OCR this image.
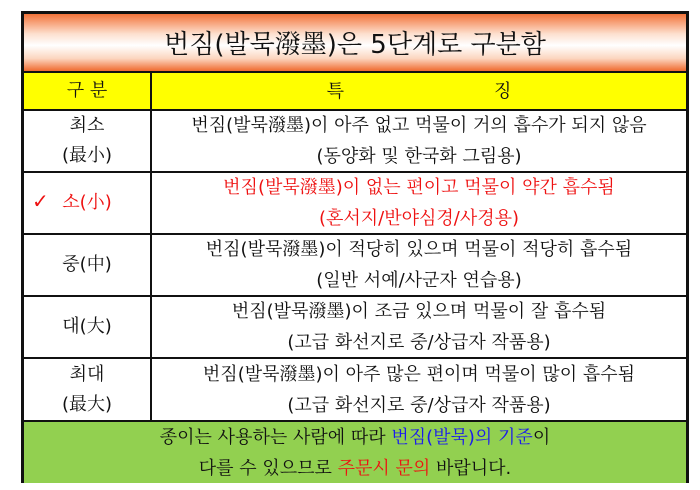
번짐(발묵潑墨)은 5단계로 구분함
구 분	특	징
최소
(最小)
번짐(발묵潑墨)이 아주 없고 먹물이 거의 흡수가 되지 않음
(동양화 및 한국화 그림용)
✓ 소(小)
번짐(발묵潑墨)이 없는 편이고 먹물이 약간 흡수됨
(혼서지/반야심경/사경용)
중(中)
번짐(발묵潑墨)이 적당히 있으며 먹물이 적당히 흡수됨
(일반 서예/사군자 연습용)
대(大)
번짐(발묵潑墨)이 조금 있으며 먹물이 잘 흡수됨
(고급 화선지로 중/상급자 작품용)
최대
(最大)
번짐(발묵潑墨)이 아주 많은 편이며 먹물이 많이 흡수됨
(고급 화선지로 중/상급자 작품용)
종이는 사용하는 사람에 따라 번짐(발묵)의 기준이
다를 수 있으므로 주문시 문의 바랍니다.
